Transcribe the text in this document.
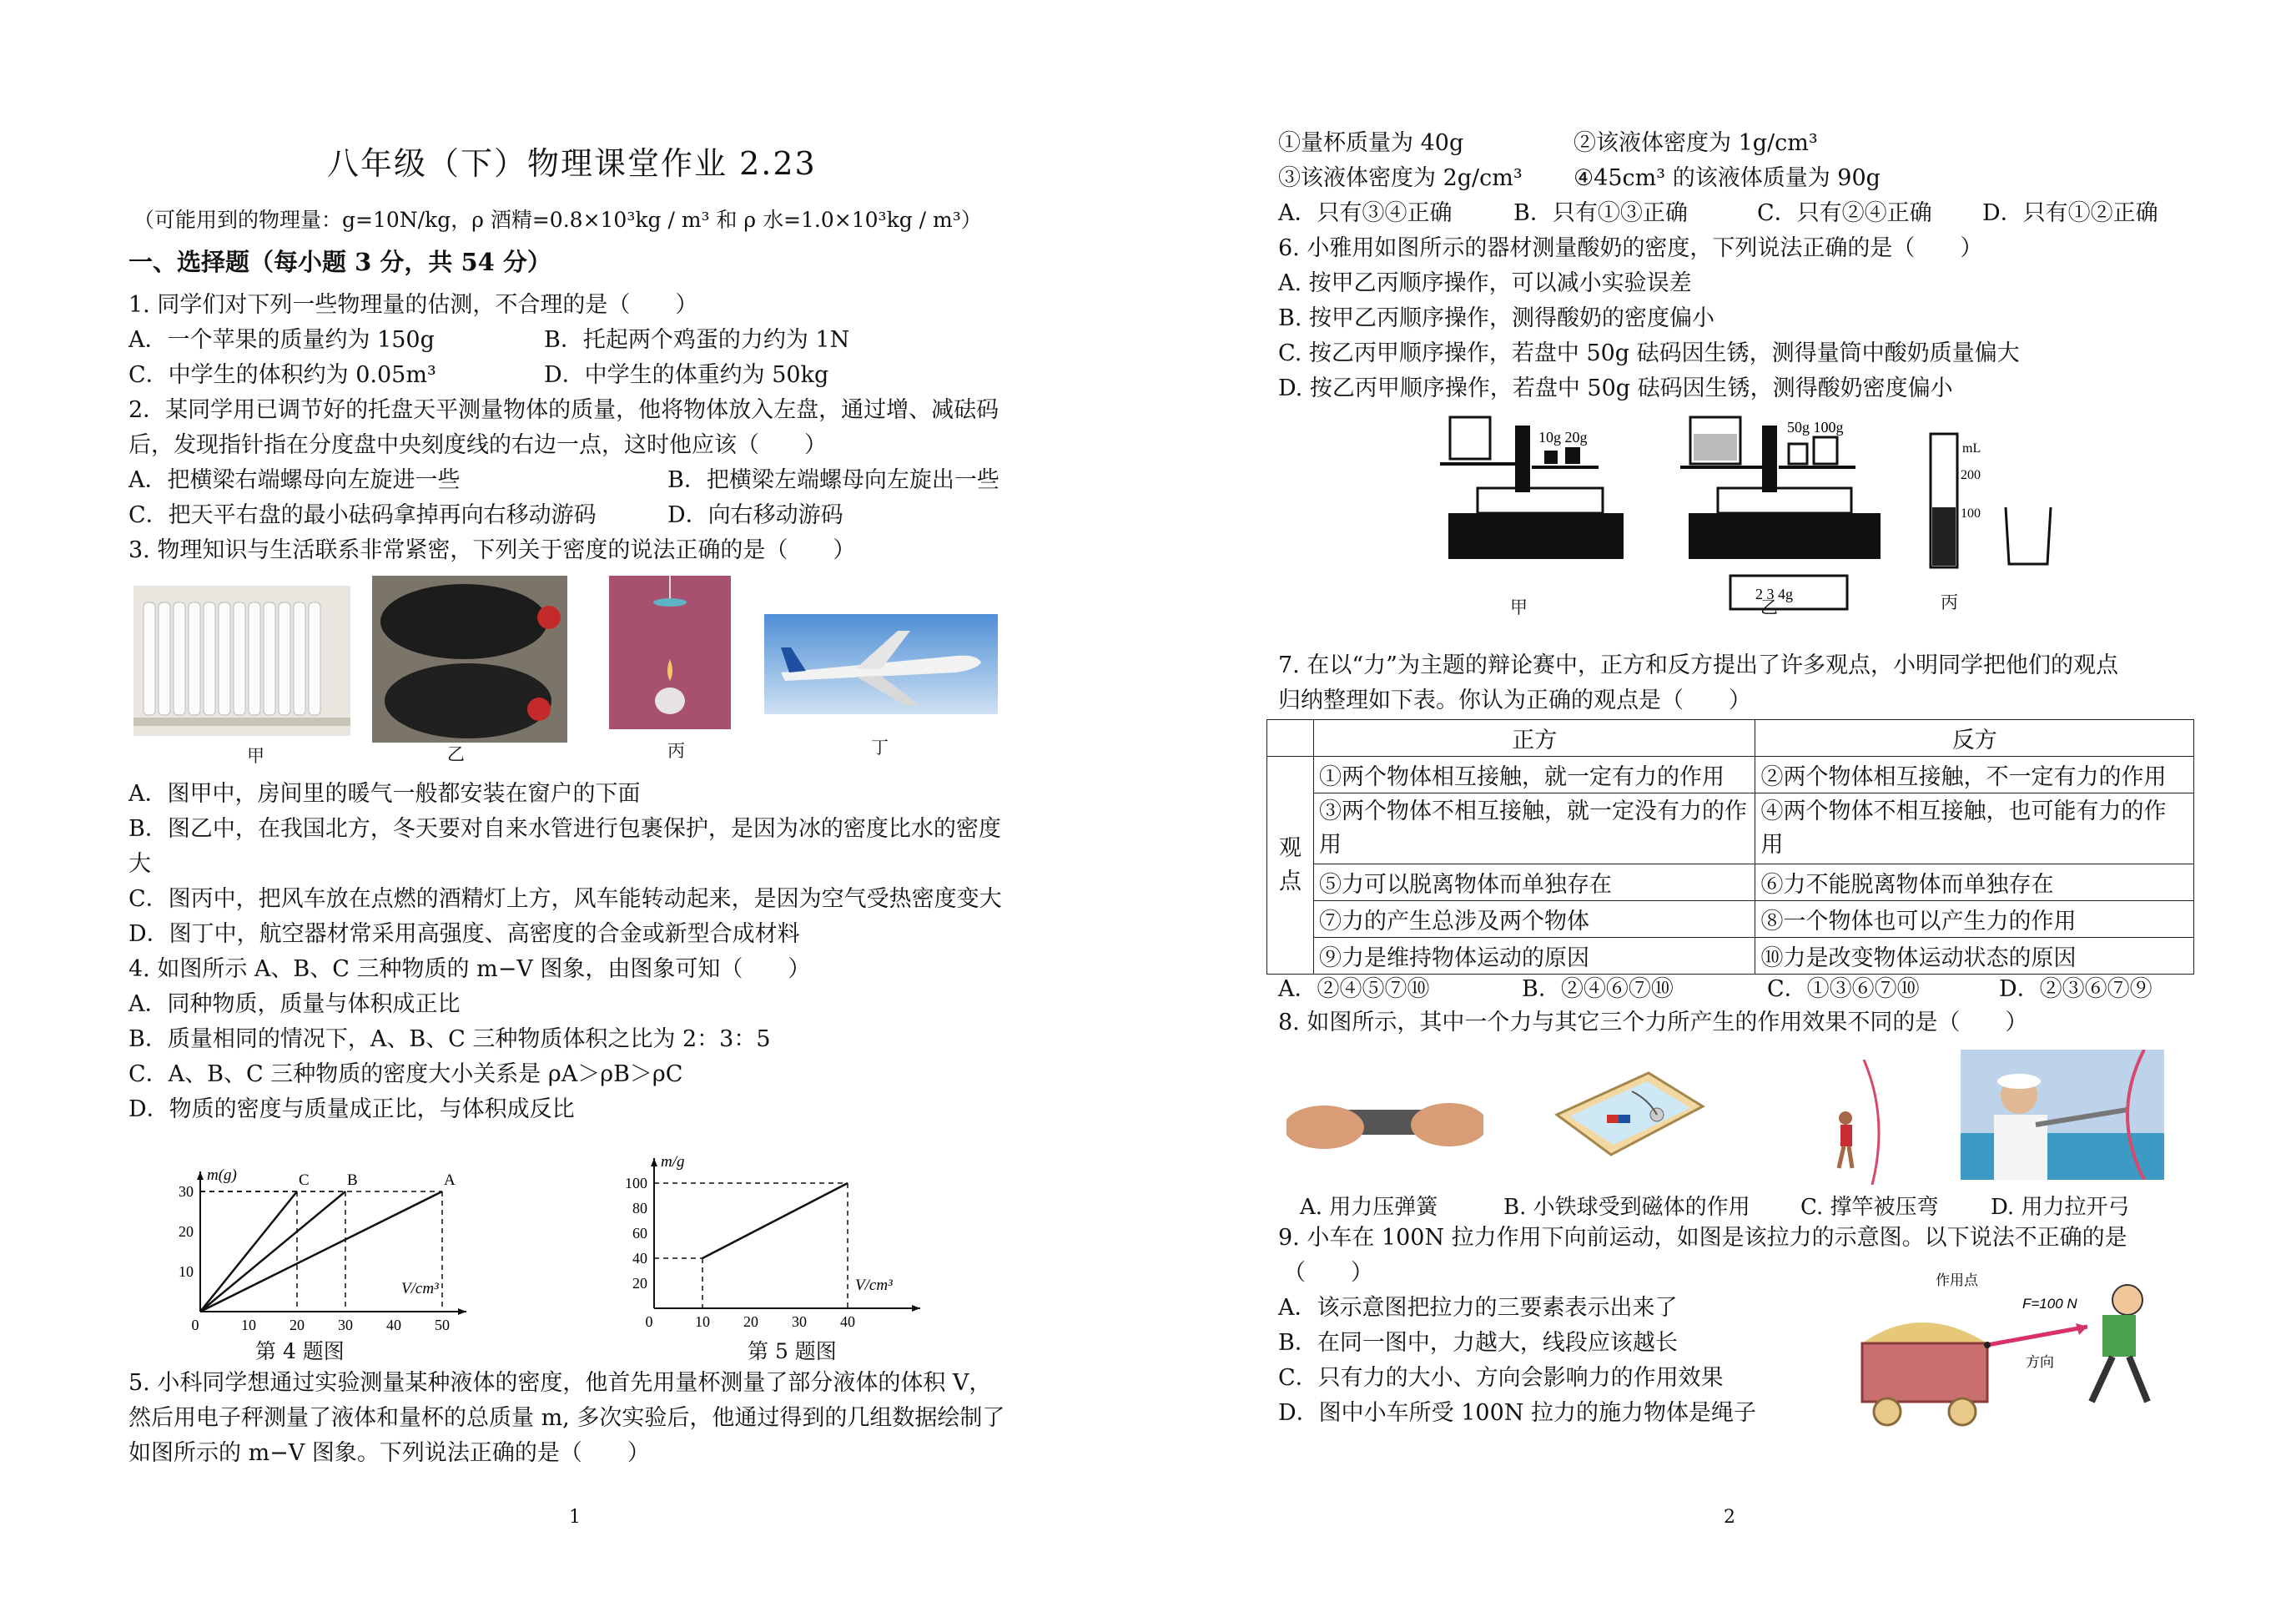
八年级（下）物理课堂作业 2.23
（可能用到的物理量：g=10N/kg，ρ 酒精=0.8×10³kg / m³ 和 ρ 水=1.0×10³kg / m³）
一、选择题（每小题 3 分，共 54 分）
1. 同学们对下列一些物理量的估测，不合理的是（　　）
A．一个苹果的质量约为 150g	B．托起两个鸡蛋的力约为 1N
C．中学生的体积约为 0.05m³	D．中学生的体重约为 50kg
2．某同学用已调节好的托盘天平测量物体的质量，他将物体放入左盘，通过增、减砝码
后，发现指针指在分度盘中央刻度线的右边一点，这时他应该（　　）
A．把横梁右端螺母向左旋进一些	B．把横梁左端螺母向左旋出一些
C．把天平右盘的最小砝码拿掉再向右移动游码	D．向右移动游码
3. 物理知识与生活联系非常紧密，下列关于密度的说法正确的是（　　）
甲	乙	丙	丁
A．图甲中，房间里的暖气一般都安装在窗户的下面
B．图乙中，在我国北方，冬天要对自来水管进行包裹保护，是因为冰的密度比水的密度
大
C．图丙中，把风车放在点燃的酒精灯上方，风车能转动起来，是因为空气受热密度变大
D．图丁中，航空器材常采用高强度、高密度的合金或新型合成材料
4. 如图所示 A、B、C 三种物质的 m−V 图象，由图象可知（　　）
A．同种物质，质量与体积成正比
B．质量相同的情况下，A、B、C 三种物质体积之比为 2：3：5
C．A、B、C 三种物质的密度大小关系是 ρA＞ρB＞ρC
D．物质的密度与质量成正比，与体积成反比
0	10 20 30 40 50
10
20
30
m(g)
V/cm³
A
B
C
第 4 题图
0	10 20 30 40
20
40
60
80
100
m/g
V/cm³
第 5 题图
5. 小科同学想通过实验测量某种液体的密度，他首先用量杯测量了部分液体的体积 V，
然后用电子秤测量了液体和量杯的总质量 m, 多次实验后，他通过得到的几组数据绘制了
如图所示的 m−V 图象。下列说法正确的是（　　）
1
①量杯质量为 40g	②该液体密度为 1g/cm³
③该液体密度为 2g/cm³ ④45cm³ 的该液体质量为 90g
A．只有③④正确	B．只有①③正确	C．只有②④正确 D．只有①②正确
6. 小雅用如图所示的器材测量酸奶的密度，下列说法正确的是（　　）
A. 按甲乙丙顺序操作，可以减小实验误差
B. 按甲乙丙顺序操作，测得酸奶的密度偏小
C. 按乙丙甲顺序操作，若盘中 50g 砝码因生锈，测得量筒中酸奶质量偏大
D. 按乙丙甲顺序操作，若盘中 50g 砝码因生锈，测得酸奶密度偏小
10g 20g
50g 100g
2 3 4g
mL
200
100
甲	乙	丙
7. 在以“力”为主题的辩论赛中，正方和反方提出了许多观点，小明同学把他们的观点
归纳整理如下表。你认为正确的观点是（　　）
	正方	反方
观点	①两个物体相互接触，就一定有力的作用	②两个物体相互接触，不一定有力的作用
	③两个物体不相互接触，就一定没有力的作用	④两个物体不相互接触，也可能有力的作用
	⑤力可以脱离物体而单独存在	⑥力不能脱离物体而单独存在
	⑦力的产生总涉及两个物体	⑧一个物体也可以产生力的作用
	⑨力是维持物体运动的原因	⑩力是改变物体运动状态的原因
A．②④⑤⑦⑩	B．②④⑥⑦⑩	C．①③⑥⑦⑩	D．②③⑥⑦⑨
8. 如图所示，其中一个力与其它三个力所产生的作用效果不同的是（　　）
A. 用力压弹簧	B. 小铁球受到磁体的作用 C. 撑竿被压弯 D. 用力拉开弓
9. 小车在 100N 拉力作用下向前运动，如图是该拉力的示意图。以下说法不正确的是
（　　）
A．该示意图把拉力的三要素表示出来了
B．在同一图中，力越大，线段应该越长
C．只有力的大小、方向会影响力的作用效果
D．图中小车所受 100N 拉力的施力物体是绳子
作用点
F=100 N
方向
2
